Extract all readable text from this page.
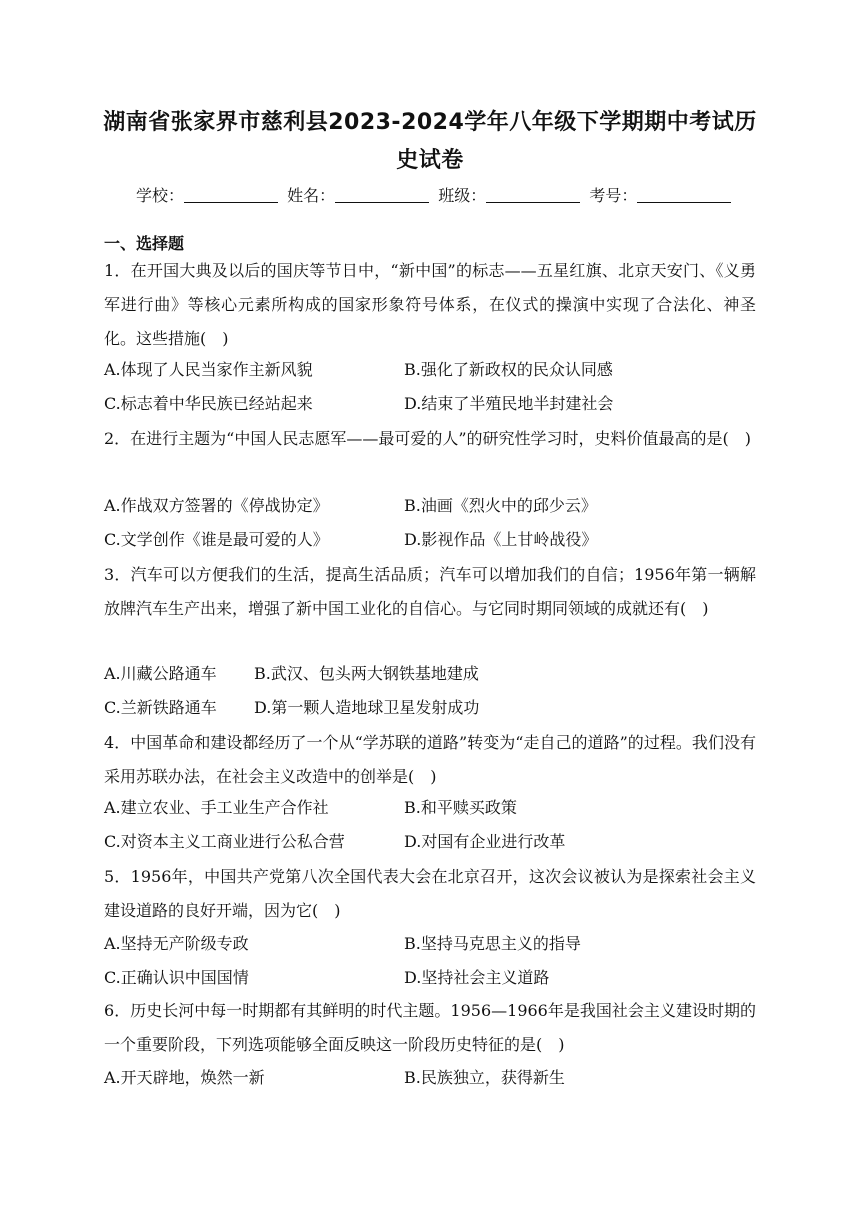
湖南省张家界市慈利县2023-2024学年八年级下学期期中考试历史试卷
学校：	姓名：	班级：	考号：
一、选择题
1．在开国大典及以后的国庆等节日中，“新中国”的标志——五星红旗、北京天安门、《义勇军进行曲》等核心元素所构成的国家形象符号体系，在仪式的操演中实现了合法化、神圣化。这些措施(　)
A.体现了人民当家作主新风貌	B.强化了新政权的民众认同感
C.标志着中华民族已经站起来	D.结束了半殖民地半封建社会
2．在进行主题为“中国人民志愿军——最可爱的人”的研究性学习时，史料价值最高的是(　)
A.作战双方签署的《停战协定》	B.油画《烈火中的邱少云》
C.文学创作《谁是最可爱的人》	D.影视作品《上甘岭战役》
3．汽车可以方便我们的生活，提高生活品质；汽车可以增加我们的自信；1956年第一辆解放牌汽车生产出来，增强了新中国工业化的自信心。与它同时期同领域的成就还有(　)
A.川藏公路通车 B.武汉、包头两大钢铁基地建成
C.兰新铁路通车 D.第一颗人造地球卫星发射成功
4．中国革命和建设都经历了一个从“学苏联的道路”转变为“走自己的道路”的过程。我们没有采用苏联办法，在社会主义改造中的创举是(　)
A.建立农业、手工业生产合作社	B.和平赎买政策
C.对资本主义工商业进行公私合营	D.对国有企业进行改革
5．1956年，中国共产党第八次全国代表大会在北京召开，这次会议被认为是探索社会主义建设道路的良好开端，因为它(　)
A.坚持无产阶级专政	B.坚持马克思主义的指导
C.正确认识中国国情	D.坚持社会主义道路
6．历史长河中每一时期都有其鲜明的时代主题。1956—1966年是我国社会主义建设时期的一个重要阶段，下列选项能够全面反映这一阶段历史特征的是(　)
A.开天辟地，焕然一新	B.民族独立，获得新生
